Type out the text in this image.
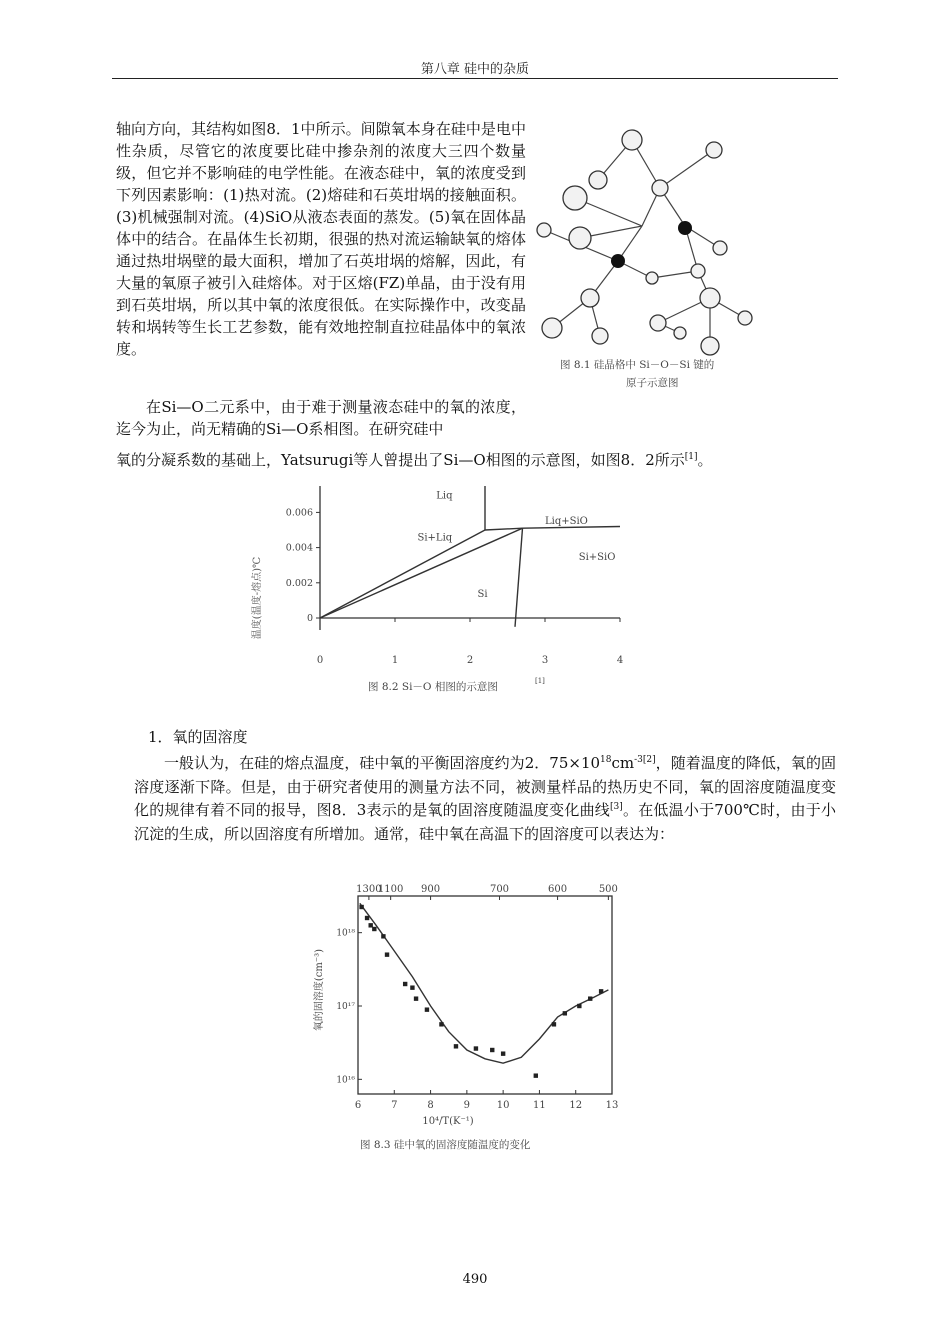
第八章 硅中的杂质
轴向方向，其结构如图8．1中所示。间隙氧本身在硅中是电中性杂质，尽管它的浓度要比硅中掺杂剂的浓度大三四个数量级，但它并不影响硅的电学性能。在液态硅中，氧的浓度受到下列因素影响：(1)热对流。(2)熔硅和石英坩埚的接触面积。(3)机械强制对流。(4)SiO从液态表面的蒸发。(5)氧在固体晶体中的结合。在晶体生长初期，很强的热对流运输缺氧的熔体通过热坩埚壁的最大面积，增加了石英坩埚的熔解，因此，有大量的氧原子被引入硅熔体。对于区熔(FZ)单晶，由于没有用到石英坩埚，所以其中氧的浓度很低。在实际操作中，改变晶转和埚转等生长工艺参数，能有效地控制直拉硅晶体中的氧浓度。
图 8.1 硅晶格中 Si－O－Si 键的
原子示意图
在Si—O二元系中，由于难于测量液态硅中的氧的浓度，迄今为止，尚无精确的Si—O系相图。在研究硅中
氧的分凝系数的基础上，Yatsurugi等人曾提出了Si—O相图的示意图，如图8．2所示[1]。
0	1	2	3	4
0
0.002
0.004
0.006
Liq
Liq+SiO
Si+Liq
Si+SiO
Si
温度(温度-熔点)℃
图 8.2 Si－O 相图的示意图	[1]
1．氧的固溶度
一般认为，在硅的熔点温度，硅中氧的平衡固溶度约为2．$75\times 10^{18}cm^{-3[2]}$，随着温度的降低，氧的固溶度逐渐下降。但是，由于研究者使用的测量方法不同，被测量样品的热历史不同，氧的固溶度随温度变化的规律有着不同的报导，图8．3表示的是氧的固溶度随温度变化曲线[3]。在低温小于700℃时，由于小沉淀的生成，所以固溶度有所增加。通常，硅中氧在高温下的固溶度可以表达为：
6	7	8	9	10 11 12 13
1300
1100 900	700	600	500
10¹⁸
10¹⁷
10¹⁶
氧的固溶度(cm⁻³)
10⁴/T(K⁻¹)
图 8.3 硅中氧的固溶度随温度的变化
490
